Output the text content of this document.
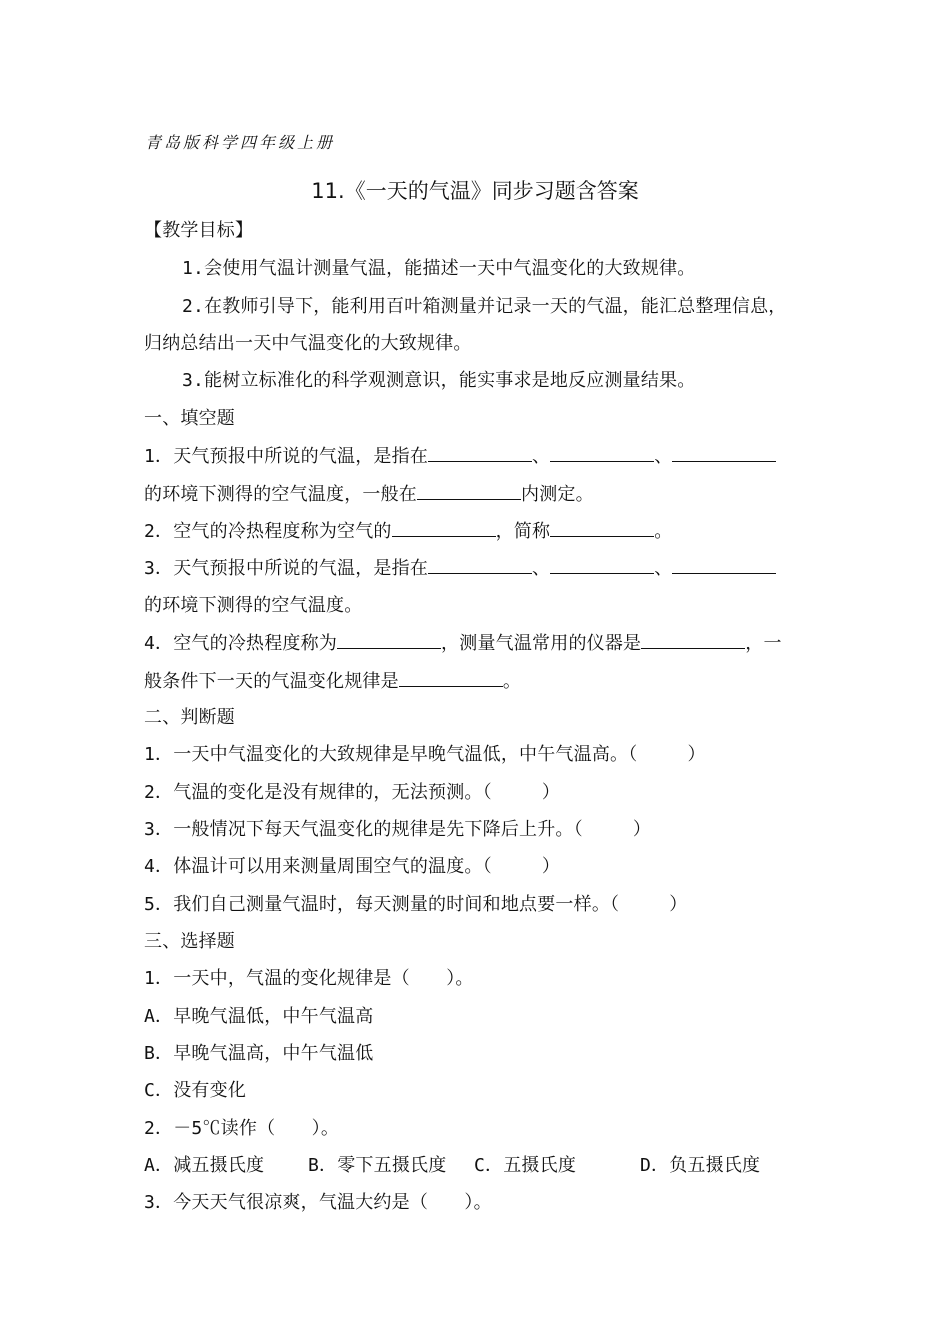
青岛版科学四年级上册
11.《一天的气温》同步习题含答案
【教学目标】
1.会使用气温计测量气温，能描述一天中气温变化的大致规律。
2.在教师引导下，能利用百叶箱测量并记录一天的气温，能汇总整理信息，
归纳总结出一天中气温变化的大致规律。
3.能树立标准化的科学观测意识，能实事求是地反应测量结果。
一、填空题
1．天气预报中所说的气温，是指在	、	、
的环境下测得的空气温度，一般在	内测定。
2．空气的冷热程度称为空气的	，简称	。
3．天气预报中所说的气温，是指在	、	、
的环境下测得的空气温度。
4．空气的冷热程度称为	，测量气温常用的仪器是	，一
般条件下一天的气温变化规律是	。
二、判断题
1．一天中气温变化的大致规律是早晚气温低，中午气温高。（	）
2．气温的变化是没有规律的，无法预测。（	）
3．一般情况下每天气温变化的规律是先下降后上升。（	）
4．体温计可以用来测量周围空气的温度。（	）
5．我们自己测量气温时，每天测量的时间和地点要一样。（	）
三、选择题
1．一天中，气温的变化规律是（　　）。
A．早晚气温低，中午气温高
B．早晚气温高，中午气温低
C．没有变化
2．－5℃读作（　　）。
A．减五摄氏度 B．零下五摄氏度 C．五摄氏度	D．负五摄氏度
3．今天天气很凉爽，气温大约是（　　）。
